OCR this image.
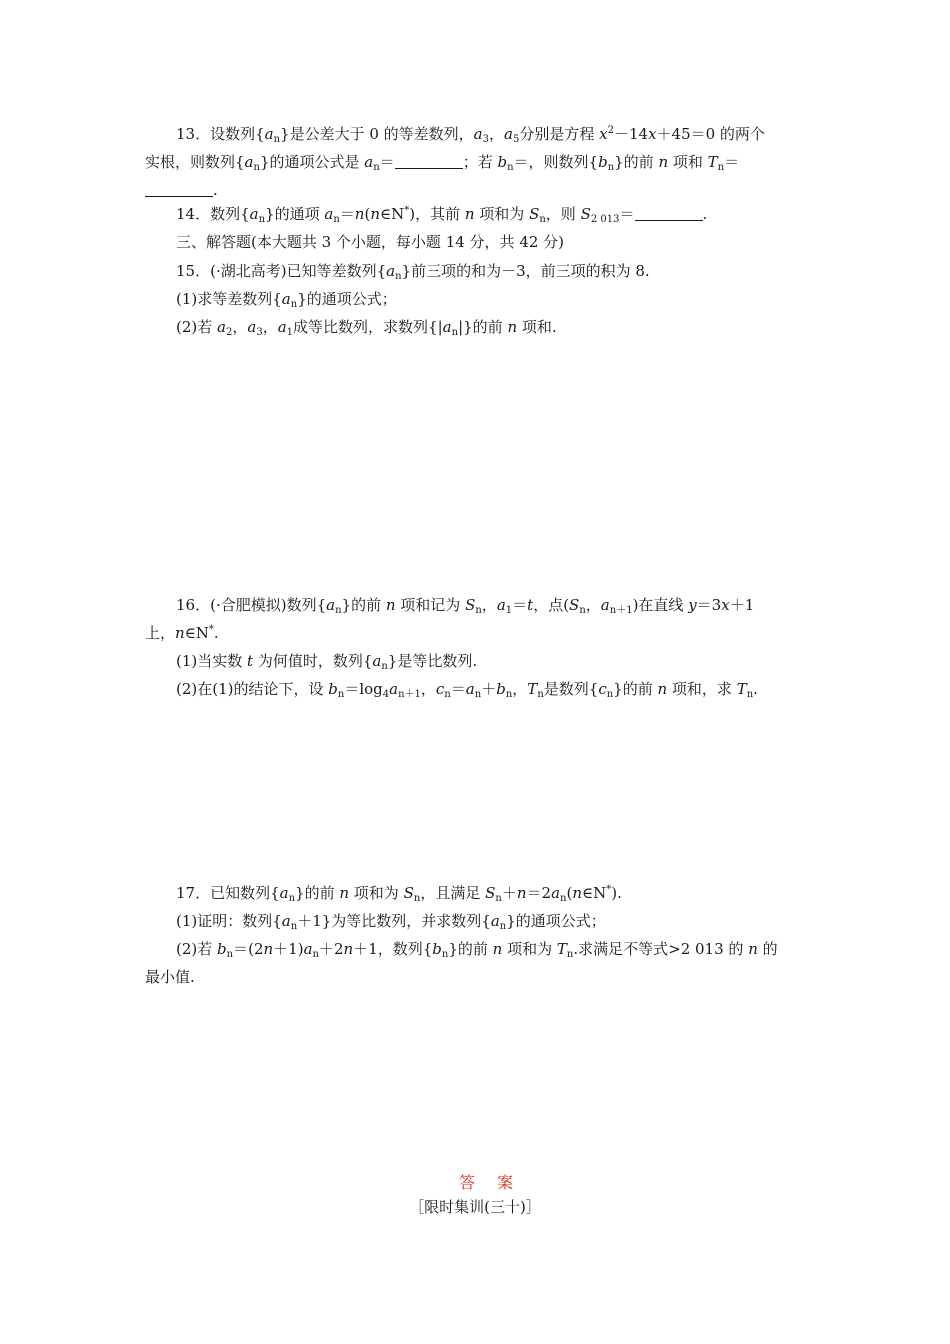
13．设数列$\{a_n\}$是公差大于 0 的等差数列，$a_3$，$a_5$分别是方程 $x^2-14x+45=0$ 的两个
实根，则数列$\{a_n\}$的通项公式是 $a_n=$	；若 $b_n=$，则数列$\{b_n\}$的前 n 项和 $T_n=$
.
14．数列$\{a_n\}$的通项 $a_n=n(n\in N^*)$，其前 n 项和为 $S_n$，则 $S_{2 013}=$	.
三、解答题(本大题共 3 个小题，每小题 14 分，共 42 分)
15．(·湖北高考)已知等差数列$\{a_n\}$前三项的和为－3，前三项的积为 8.
(1)求等差数列$\{a_n\}$的通项公式；
(2)若 $a_2$，$a_3$，$a_1$成等比数列，求数列$\{|a_n|\}$的前 n 项和.
16．(·合肥模拟)数列$\{a_n\}$的前 n 项和记为 $S_n$，$a_1=t$，点($S_n$，$a_{n+1}$)在直线 y＝3x＋1
上，n∈N*.
(1)当实数 t 为何值时，数列$\{a_n\}$是等比数列.
(2)在(1)的结论下，设 $b_n=\log_4a_{n+1}$，$c_n=a_n+b_n$，$T_n$是数列$\{c_n\}$的前 n 项和，求 $T_n$.
17．已知数列$\{a_n\}$的前 n 项和为 $S_n$，且满足 $S_n+n=2a_n(n\in N^*)$.
(1)证明：数列$\{a_n+1\}$为等比数列，并求数列$\{a_n\}$的通项公式；
(2)若 $b_n=(2n+1)a_n+2n+1$，数列$\{b_n\}$的前 n 项和为 $T_n$.求满足不等式>2 013 的 n 的
最小值.
答案
［限时集训(三十)］
